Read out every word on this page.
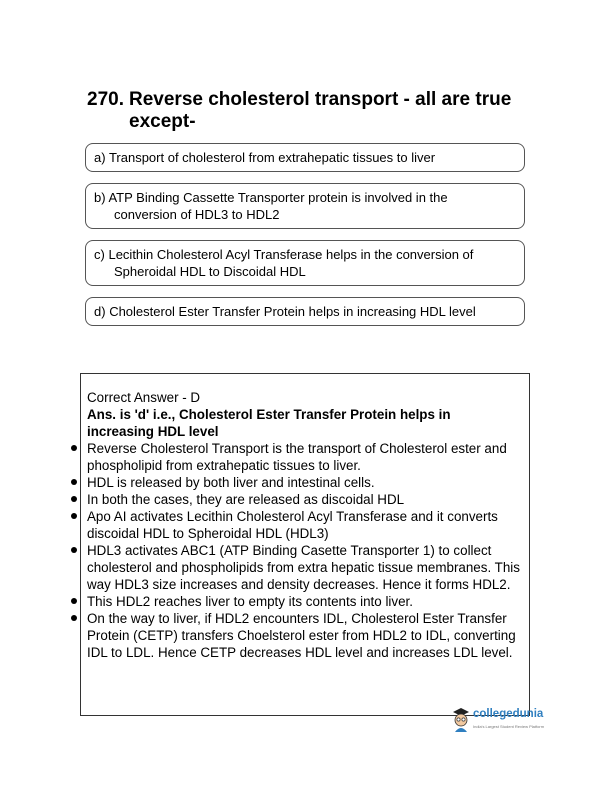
270. Reverse cholesterol transport - all are true except-
a) Transport of cholesterol from extrahepatic tissues to liver
b) ATP Binding Cassette Transporter protein is involved in the conversion of HDL3 to HDL2
c) Lecithin Cholesterol Acyl Transferase helps in the conversion of Spheroidal HDL to Discoidal HDL
d) Cholesterol Ester Transfer Protein helps in increasing HDL level
Correct Answer - D
Ans. is 'd' i.e., Cholesterol Ester Transfer Protein helps in increasing HDL level
Reverse Cholesterol Transport is the transport of Cholesterol ester and phospholipid from extrahepatic tissues to liver.
HDL is released by both liver and intestinal cells.
In both the cases, they are released as discoidal HDL
Apo AI activates Lecithin Cholesterol Acyl Transferase and it converts discoidal HDL to Spheroidal HDL (HDL3)
HDL3 activates ABC1 (ATP Binding Casette Transporter 1) to collect cholesterol and phospholipids from extra hepatic tissue membranes. This way HDL3 size increases and density decreases. Hence it forms HDL2.
This HDL2 reaches liver to empty its contents into liver.
On the way to liver, if HDL2 encounters IDL, Cholesterol Ester Transfer Protein (CETP) transfers Choelsterol ester from HDL2 to IDL, converting IDL to LDL. Hence CETP decreases HDL level and increases LDL level.
collegedunia
India's Largest Student Review Platform
